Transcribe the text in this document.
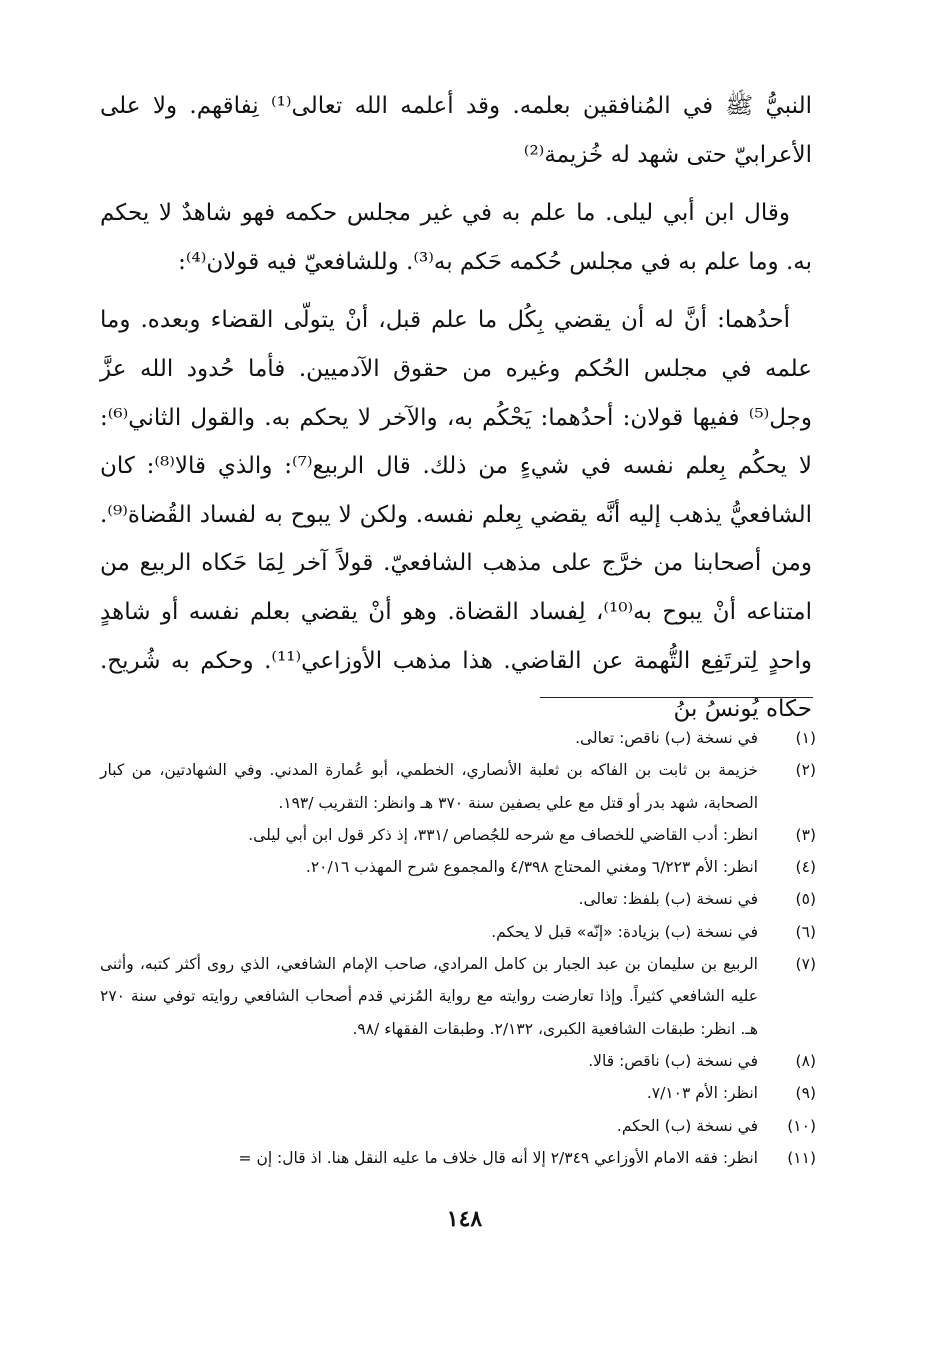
النبيُّ ﷺ في المُنافقين بعلمه. وقد أعلمه الله تعالى⁽¹⁾ نِفاقهم. ولا على الأعرابيّ حتى شهد له خُزيمة⁽²⁾

وقال ابن أبي ليلى. ما علم به في غير مجلس حكمه فهو شاهدٌ لا يحكم به. وما علم به في مجلس حُكمه حَكم به⁽³⁾. وللشافعيّ فيه قولان⁽⁴⁾:

أحدُهما: أنَّ له أن يقضي بِكُل ما علم قبل، أنْ يتولّى القضاء وبعده. وما علمه في مجلس الحُكم وغيره من حقوق الآدميين. فأما حُدود الله عزَّ وجل⁽⁵⁾ ففيها قولان: أحدُهما: يَحْكُم به، والآخر لا يحكم به. والقول الثاني⁽⁶⁾: لا يحكُم بِعلم نفسه في شيءٍ من ذلك. قال الربيع⁽⁷⁾: والذي قالا⁽⁸⁾: كان الشافعيُّ يذهب إليه أنَّه يقضي بِعلم نفسه. ولكن لا يبوح به لفساد القُضاة⁽⁹⁾. ومن أصحابنا من خرَّج على مذهب الشافعيّ. قولاً آخر لِمَا حَكاه الربيع من امتناعه أنْ يبوح به⁽¹⁰⁾، لِفساد القضاة. وهو أنْ يقضي بعلم نفسه أو شاهدٍ واحدٍ لِترتَفِع التُّهمة عن القاضي. هذا مذهب الأوزاعي⁽¹¹⁾. وحكم به شُريح. حكاه يُونسُ بنُ

(١)
في نسخة (ب) ناقص: تعالى.
(٢)
خزيمة بن ثابت بن الفاكه بن ثعلبة الأنصاري، الخطمي، أبو عُمارة المدني. وفي الشهادتين، من كبار الصحابة، شهد بدر أو قتل مع علي بصفين سنة ٣٧٠ هـ وانظر: التقريب /١٩٣.
(٣)
انظر: أدب القاضي للخصاف مع شرحه للجُصاص /٣٣١، إذ ذكر قول ابن أبي ليلى.
(٤)
انظر: الأم ٦/٢٢٣ ومغني المحتاج ٤/٣٩٨ والمجموع شرح المهذب ٢٠/١٦.
(٥)
في نسخة (ب) بلفظ: تعالى.
(٦)
في نسخة (ب) بزيادة: «إنّه» قبل لا يحكم.
(٧)
الربيع بن سليمان بن عبد الجبار بن كامل المرادي، صاحب الإمام الشافعي، الذي روى أكثر كتبه، وأثنى عليه الشافعي كثيراً. وإذا تعارضت روايته مع رواية المُزني قدم أصحاب الشافعي روايته توفي سنة ٢٧٠ هـ. انظر: طبقات الشافعية الكبرى، ٢/١٣٢. وطبقات الفقهاء /٩٨.
(٨)
في نسخة (ب) ناقص: قالا.
(٩)
انظر: الأم ٧/١٠٣.
(١٠)
في نسخة (ب) الحكم.
(١١)
انظر: فقه الامام الأوزاعي ٢/٣٤٩ إلا أنه قال خلاف ما عليه النقل هنا. اذ قال: إن =
١٤٨
